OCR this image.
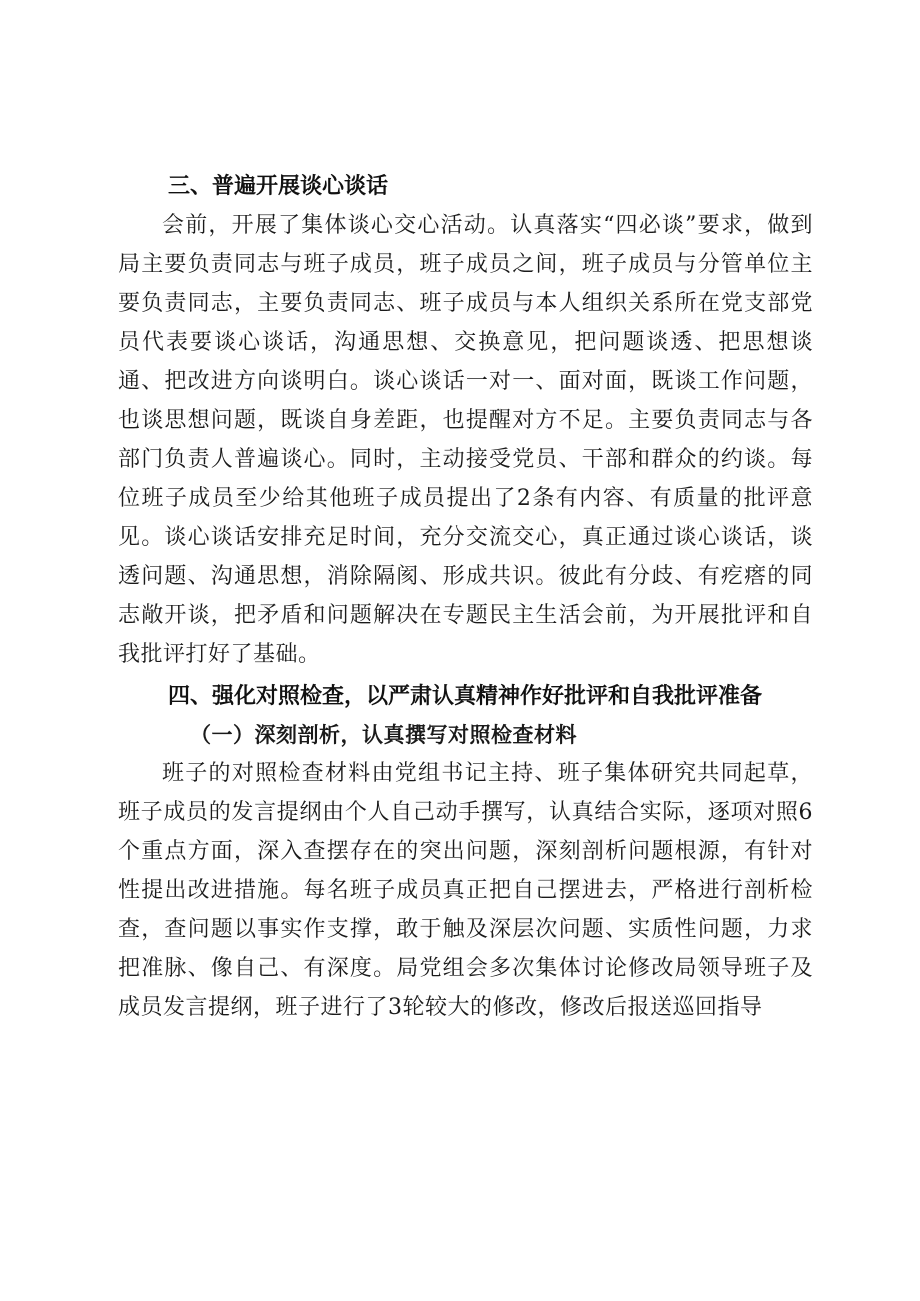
三、普遍开展谈心谈话

会前，开展了集体谈心交心活动。认真落实“四必谈”要求，做到局主要负责同志与班子成员，班子成员之间，班子成员与分管单位主要负责同志，主要负责同志、班子成员与本人组织关系所在党支部党员代表要谈心谈话，沟通思想、交换意见，把问题谈透、把思想谈通、把改进方向谈明白。谈心谈话一对一、面对面，既谈工作问题，也谈思想问题，既谈自身差距，也提醒对方不足。主要负责同志与各部门负责人普遍谈心。同时，主动接受党员、干部和群众的约谈。每位班子成员至少给其他班子成员提出了2条有内容、有质量的批评意见。谈心谈话安排充足时间，充分交流交心，真正通过谈心谈话，谈透问题、沟通思想，消除隔阂、形成共识。彼此有分歧、有疙瘩的同志敞开谈，把矛盾和问题解决在专题民主生活会前，为开展批评和自我批评打好了基础。

四、强化对照检查，以严肃认真精神作好批评和自我批评准备
（一）深刻剖析，认真撰写对照检查材料

班子的对照检查材料由党组书记主持、班子集体研究共同起草，班子成员的发言提纲由个人自己动手撰写，认真结合实际，逐项对照6个重点方面，深入查摆存在的突出问题，深刻剖析问题根源，有针对性提出改进措施。每名班子成员真正把自己摆进去，严格进行剖析检查，查问题以事实作支撑，敢于触及深层次问题、实质性问题，力求把准脉、像自己、有深度。局党组会多次集体讨论修改局领导班子及成员发言提纲，班子进行了3轮较大的修改，修改后报送巡回指导
